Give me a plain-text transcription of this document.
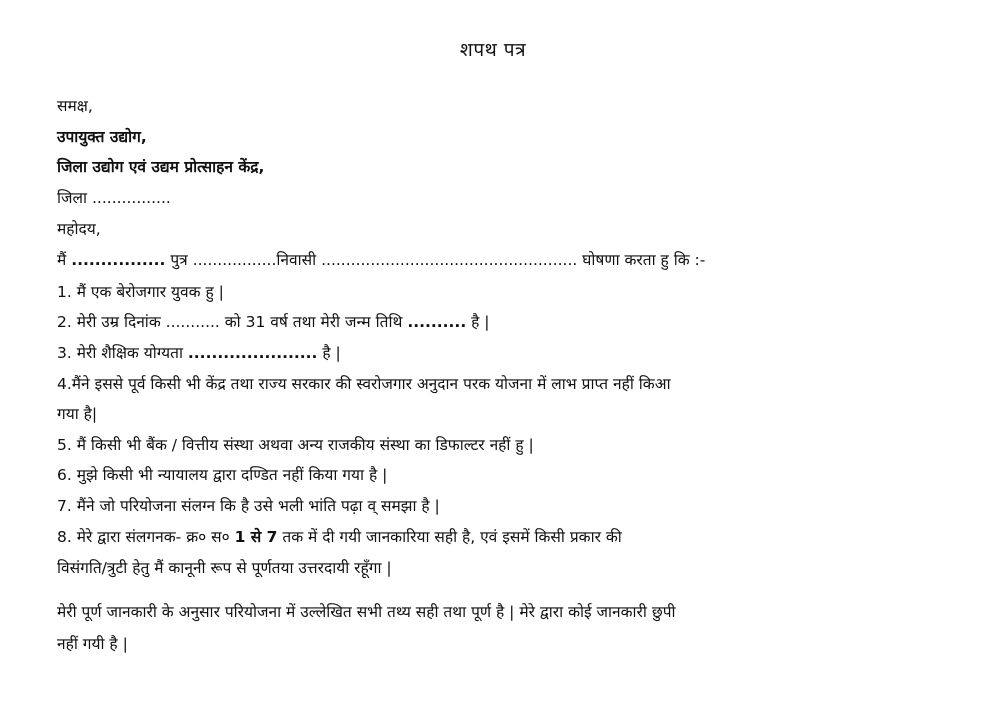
शपथ पत्र
समक्ष,
उपायुक्त उद्योग,
जिला उद्योग एवं उद्यम प्रोत्साहन केंद्र,
जिला ................
महोदय,
मैं ................ पुत्र .................निवासी .................................................... घोषणा करता हु कि :-
1. मैं एक बेरोजगार युवक हु |
2. मेरी उम्र दिनांक ........... को 31 वर्ष तथा मेरी जन्म तिथि .......... है |
3. मेरी शैक्षिक योग्यता ...................... है |
4.मैंने इससे पूर्व किसी भी केंद्र तथा राज्य सरकार की स्वरोजगार अनुदान परक योजना में लाभ प्राप्त नहीं किआ
गया है|
5. मैं किसी भी बैंक / वित्तीय संस्था अथवा अन्य राजकीय संस्था का डिफाल्टर नहीं हु |
6. मुझे किसी भी न्यायालय द्वारा दण्डित नहीं किया गया है |
7. मैंने जो परियोजना संलग्न कि है उसे भली भांति पढ़ा व् समझा है |
8. मेरे द्वारा संलगनक- क्र० स० 1 से 7 तक में दी गयी जानकारिया सही है, एवं इसमें किसी प्रकार की
विसंगति/त्रुटी हेतु मैं कानूनी रूप से पूर्णतया उत्तरदायी रहूँगा |
मेरी पूर्ण जानकारी के अनुसार परियोजना में उल्लेखित सभी तथ्य सही तथा पूर्ण है | मेरे द्वारा कोई जानकारी छुपी
नहीं गयी है |
